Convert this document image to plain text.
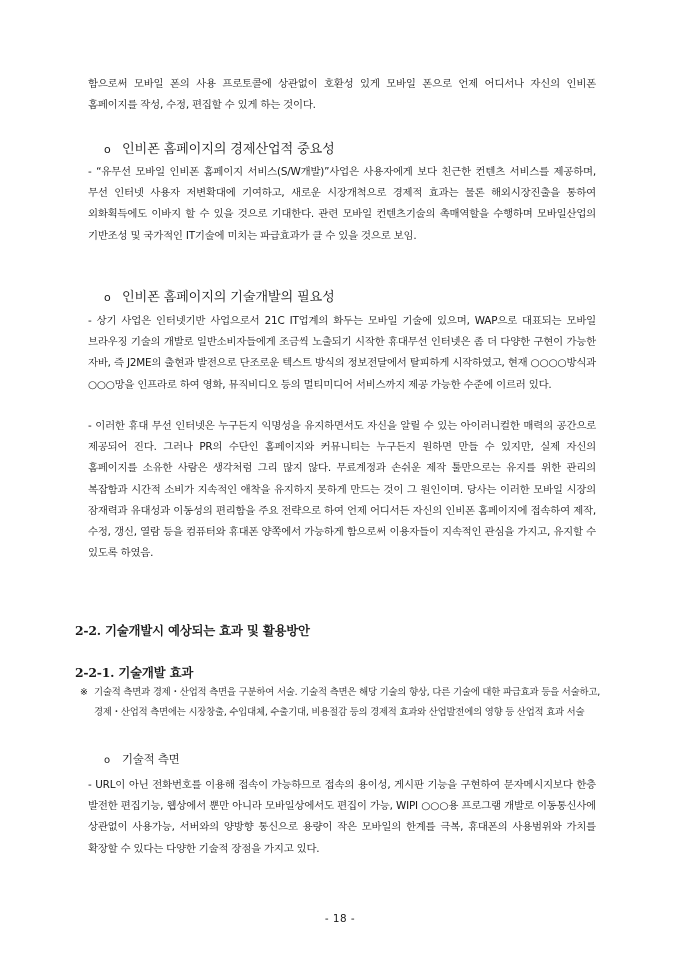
함으로써 모바일 폰의 사용 프로토콜에 상관없이 호환성 있게 모바일 폰으로 언제 어디서나 자신의 인비폰 홈페이지를 작성, 수정, 편집할 수 있게 하는 것이다.
ο 인비폰 홈페이지의 경제산업적 중요성
- “유무선 모바일 인비폰 홈페이지 서비스(S/W개발)”사업은 사용자에게 보다 친근한 컨텐츠 서비스를 제공하며, 무선 인터넷 사용자 저변확대에 기여하고, 새로운 시장개척으로 경제적 효과는 물론 해외시장진출을 통하여 외화획득에도 이바지 할 수 있을 것으로 기대한다. 관련 모바일 컨텐츠기술의 촉매역할을 수행하며 모바일산업의 기반조성 및 국가적인 IT기술에 미치는 파급효과가 클 수 있을 것으로 보임.
ο 인비폰 홈페이지의 기술개발의 필요성
- 상기 사업은 인터넷기반 사업으로서 21C IT업계의 화두는 모바일 기술에 있으며, WAP으로 대표되는 모바일 브라우징 기술의 개발로 일반소비자들에게 조금씩 노출되기 시작한 휴대무선 인터넷은 좀 더 다양한 구현이 가능한 자바, 즉 J2ME의 출현과 발전으로 단조로운 텍스트 방식의 정보전달에서 탈피하게 시작하였고, 현재 ○○○○방식과 ○○○망을 인프라로 하여 영화, 뮤직비디오 등의 멀티미디어 서비스까지 제공 가능한 수준에 이르러 있다.
- 이러한 휴대 무선 인터넷은 누구든지 익명성을 유지하면서도 자신을 알릴 수 있는 아이러니컬한 매력의 공간으로 제공되어 진다. 그러나 PR의 수단인 홈페이지와 커뮤니티는 누구든지 원하면 만들 수 있지만, 실제 자신의 홈페이지를 소유한 사람은 생각처럼 그리 많지 않다. 무료계정과 손쉬운 제작 툴만으로는 유지를 위한 관리의 복잡함과 시간적 소비가 지속적인 애착을 유지하지 못하게 만드는 것이 그 원인이며. 당사는 이러한 모바일 시장의 잠재력과 유대성과 이동성의 편리함을 주요 전략으로 하여 언제 어디서든 자신의 인비폰 홈페이지에 접속하여 제작, 수정, 갱신, 열람 등을 컴퓨터와 휴대폰 양쪽에서 가능하게 함으로써 이용자들이 지속적인 관심을 가지고, 유지할 수 있도록 하였음.
2-2. 기술개발시 예상되는 효과 및 활용방안
2-2-1. 기술개발 효과
※ 기술적 측면과 경제・산업적 측면을 구분하여 서술. 기술적 측면은 해당 기술의 향상, 다른 기술에 대한 파급효과 등을 서술하고, 경제・산업적 측면에는 시장창출, 수입대체, 수출기대, 비용절감 등의 경제적 효과와 산업발전에의 영향 등 산업적 효과 서술
ο 기술적 측면
- URL이 아닌 전화번호를 이용해 접속이 가능하므로 접속의 용이성, 게시판 기능을 구현하여 문자메시지보다 한층 발전한 편집기능, 웹상에서 뿐만 아니라 모바일상에서도 편집이 가능, WIPI ○○○용 프로그램 개발로 이동통신사에 상관없이 사용가능, 서버와의 양방향 통신으로 용량이 작은 모바일의 한계를 극복, 휴대폰의 사용범위와 가치를 확장할 수 있다는 다양한 기술적 장점을 가지고 있다.
- 18 -
